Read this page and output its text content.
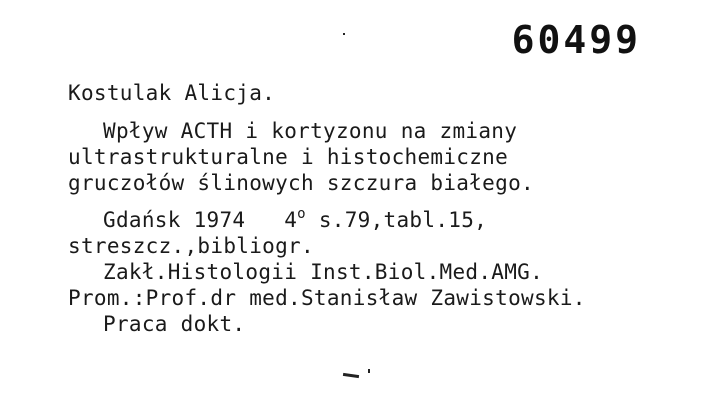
60499
Kostulak Alicja.
Wpływ ACTH i kortyzonu na zmiany
ultrastrukturalne i histochemiczne
gruczołów ślinowych szczura białego.
Gdańsk 1974   4$^o$ s.79,tabl.15,
streszcz.,bibliogr.
Zakł.Histologii Inst.Biol.Med.AMG.
Prom.:Prof.dr med.Stanisław Zawistowski.
Praca dokt.
